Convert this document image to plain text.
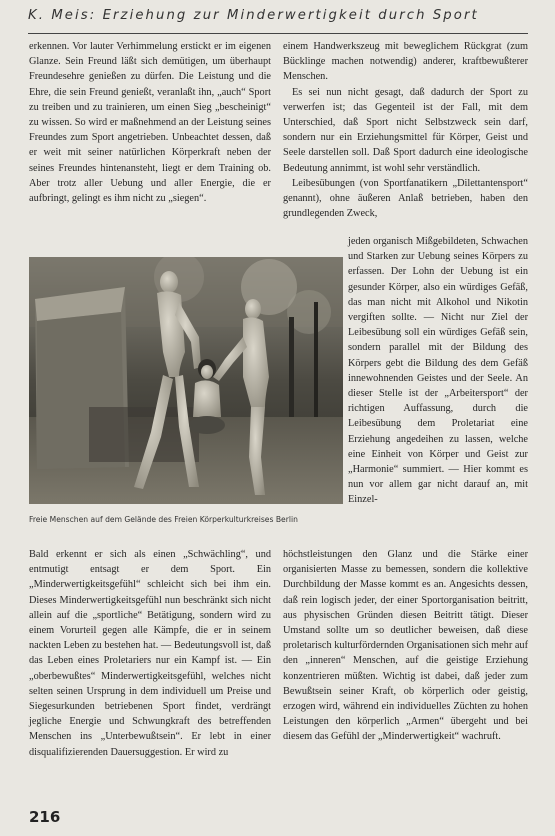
K. Meis: Erziehung zur Minderwertigkeit durch Sport

erkennen. Vor lauter Verhimmelung erstickt er im eigenen Glanze. Sein Freund läßt sich demütigen, um überhaupt Freundesehre genießen zu dürfen. Die Leistung und die Ehre, die sein Freund genießt, veranlaßt ihn, „auch“ Sport zu treiben und zu trainieren, um einen Sieg „bescheinigt“ zu wissen. So wird er maßnehmend an der Leistung seines Freundes zum Sport angetrieben. Unbeachtet dessen, daß er weit mit seiner natürlichen Körperkraft neben der seines Freundes hintenansteht, liegt er dem Training ob. Aber trotz aller Uebung und aller Energie, die er aufbringt, gelingt es ihm nicht zu „siegen“.

einem Handwerkszeug mit beweglichem Rückgrat (zum Bücklinge machen notwendig) anderer, kraftbewußterer Menschen.

Es sei nun nicht gesagt, daß dadurch der Sport zu verwerfen ist; das Gegenteil ist der Fall, mit dem Unterschied, daß Sport nicht Selbstzweck sein darf, sondern nur ein Erziehungsmittel für Körper, Geist und Seele darstellen soll. Daß Sport dadurch eine ideologische Bedeutung annimmt, ist wohl sehr verständlich.

Leibesübungen (von Sportfanatikern „Dilettantensport“ genannt), ohne äußeren Anlaß betrieben, haben den grundlegenden Zweck,

jeden organisch Mißgebildeten, Schwachen und Starken zur Uebung seines Körpers zu erfassen. Der Lohn der Uebung ist ein gesunder Körper, also ein würdiges Gefäß, das man nicht mit Alkohol und Nikotin vergiften sollte. — Nicht nur Ziel der Leibesübung soll ein würdiges Gefäß sein, sondern parallel mit der Bildung des Körpers gebt die Bildung des dem Gefäß innewohnenden Geistes und der Seele. An dieser Stelle ist der „Arbeitersport“ der richtigen Auffassung, durch die Leibesübung dem Proletariat eine Erziehung angedeihen zu lassen, welche eine Einheit von Körper und Geist zur „Harmonie“ summiert. — Hier kommt es nun vor allem gar nicht darauf an, mit Einzel-

Freie Menschen auf dem Gelände des Freien Körperkulturkreises Berlin

Bald erkennt er sich als einen „Schwächling“, und entmutigt entsagt er dem Sport. Ein „Minderwertigkeitsgefühl“ schleicht sich bei ihm ein. Dieses Minderwertigkeitsgefühl nun beschränkt sich nicht allein auf die „sportliche“ Betätigung, sondern wird zu einem Vorurteil gegen alle Kämpfe, die er in seinem nackten Leben zu bestehen hat. — Bedeutungsvoll ist, daß das Leben eines Proletariers nur ein Kampf ist. — Ein „oberbewußtes“ Minderwertigkeitsgefühl, welches nicht selten seinen Ursprung in dem individuell um Preise und Siegesurkunden betriebenen Sport findet, verdrängt jegliche Energie und Schwungkraft des betreffenden Menschen ins „Unterbewußtsein“. Er lebt in einer disqualifizierenden Dauersuggestion. Er wird zu

höchstleistungen den Glanz und die Stärke einer organisierten Masse zu bemessen, sondern die kollektive Durchbildung der Masse kommt es an. Angesichts dessen, daß rein logisch jeder, der einer Sportorganisation beitritt, aus physischen Gründen diesen Beitritt tätigt. Dieser Umstand sollte um so deutlicher beweisen, daß diese proletarisch kulturfördernden Organisationen sich mehr auf den „inneren“ Menschen, auf die geistige Erziehung konzentrieren müßten. Wichtig ist dabei, daß jeder zum Bewußtsein seiner Kraft, ob körperlich oder geistig, erzogen wird, während ein individuelles Züchten zu hohen Leistungen den körperlich „Armen“ übergeht und bei diesem das Gefühl der „Minderwertigkeit“ wachruft.

216
